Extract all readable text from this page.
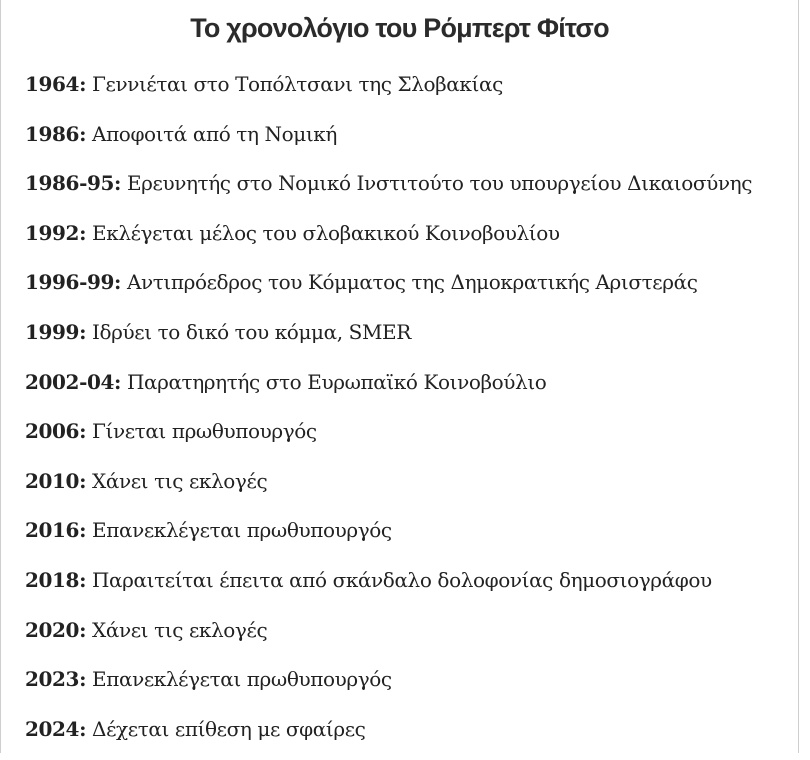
Το χρονολόγιο του Ρόμπερτ Φίτσο
1964: Γεννιέται στο Τοπόλτσανι της Σλοβακίας
1986: Αποφοιτά από τη Νομική
1986-95: Ερευνητής στο Νομικό Ινστιτούτο του υπουργείου Δικαιοσύνης
1992: Εκλέγεται μέλος του σλοβακικού Κοινοβουλίου
1996-99: Αντιπρόεδρος του Κόμματος της Δημοκρατικής Αριστεράς
1999: Ιδρύει το δικό του κόμμα, SMER
2002-04: Παρατηρητής στο Ευρωπαϊκό Κοινοβούλιο
2006: Γίνεται πρωθυπουργός
2010: Χάνει τις εκλογές
2016: Επανεκλέγεται πρωθυπουργός
2018: Παραιτείται έπειτα από σκάνδαλο δολοφονίας δημοσιογράφου
2020: Χάνει τις εκλογές
2023: Επανεκλέγεται πρωθυπουργός
2024: Δέχεται επίθεση με σφαίρες
